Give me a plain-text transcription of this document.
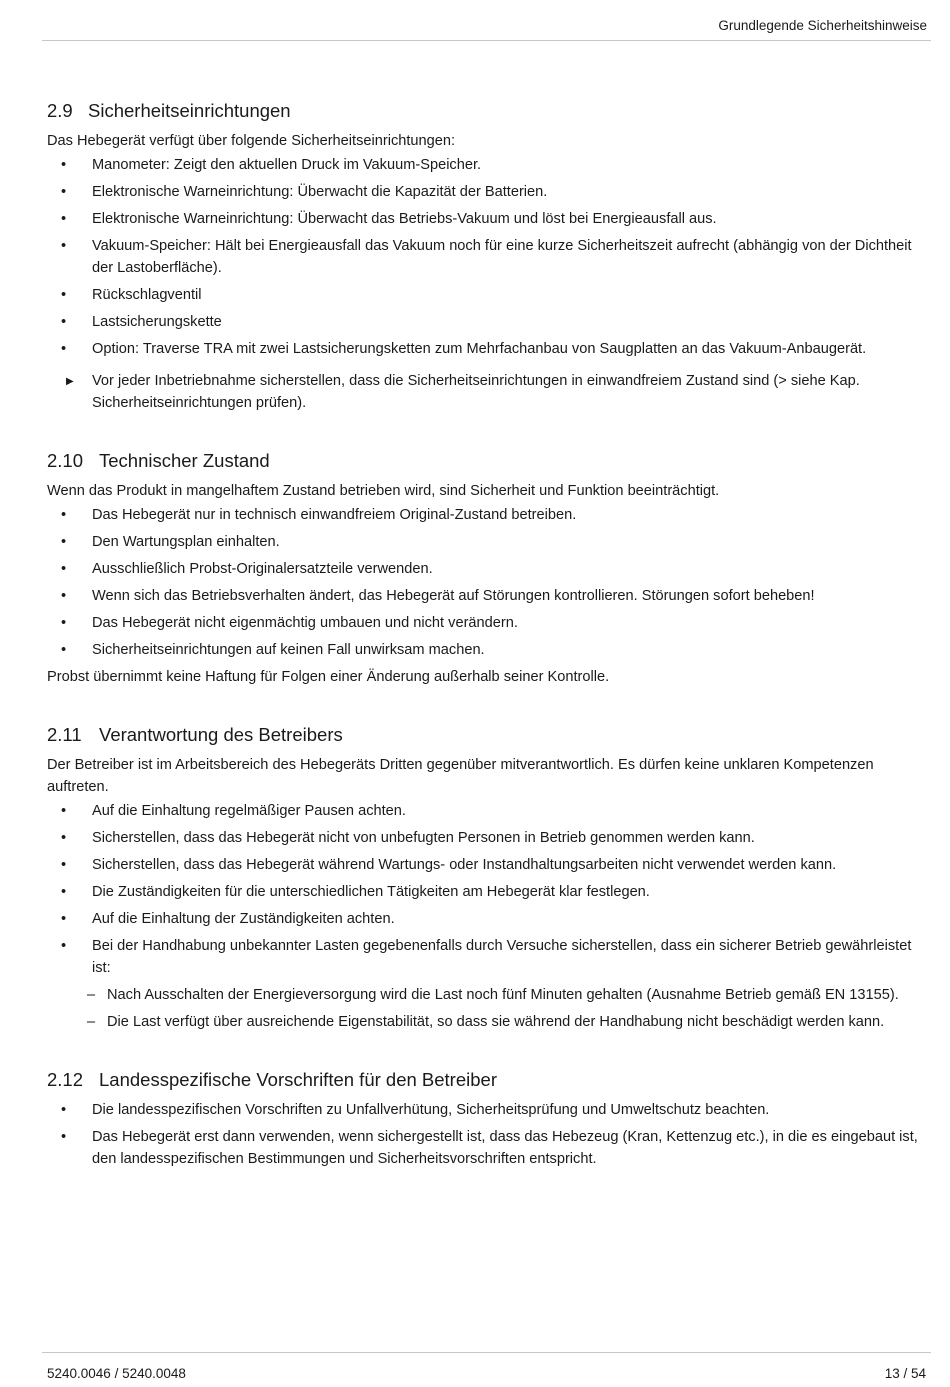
Grundlegende Sicherheitshinweise
2.9 Sicherheitseinrichtungen

Das Hebegerät verfügt über folgende Sicherheitseinrichtungen:

• Manometer: Zeigt den aktuellen Druck im Vakuum-Speicher.
• Elektronische Warneinrichtung: Überwacht die Kapazität der Batterien.
• Elektronische Warneinrichtung: Überwacht das Betriebs-Vakuum und löst bei Energieausfall aus.
• Vakuum-Speicher: Hält bei Energieausfall das Vakuum noch für eine kurze Sicherheitszeit aufrecht (abhängig von der Dichtheit der Lastoberfläche).
• Rückschlagventil
• Lastsicherungskette
• Option: Traverse TRA mit zwei Lastsicherungsketten zum Mehrfachanbau von Saugplatten an das Vakuum-Anbaugerät.
▶ Vor jeder Inbetriebnahme sicherstellen, dass die Sicherheitseinrichtungen in einwandfreiem Zustand sind (> siehe Kap. Sicherheitseinrichtungen prüfen).
2.10 Technischer Zustand

Wenn das Produkt in mangelhaftem Zustand betrieben wird, sind Sicherheit und Funktion beeinträchtigt.

• Das Hebegerät nur in technisch einwandfreiem Original-Zustand betreiben.
• Den Wartungsplan einhalten.
• Ausschließlich Probst-Originalersatzteile verwenden.
• Wenn sich das Betriebsverhalten ändert, das Hebegerät auf Störungen kontrollieren. Störungen sofort beheben!
• Das Hebegerät nicht eigenmächtig umbauen und nicht verändern.
• Sicherheitseinrichtungen auf keinen Fall unwirksam machen.

Probst übernimmt keine Haftung für Folgen einer Änderung außerhalb seiner Kontrolle.

2.11 Verantwortung des Betreibers

Der Betreiber ist im Arbeitsbereich des Hebegeräts Dritten gegenüber mitverantwortlich. Es dürfen keine unklaren Kompetenzen auftreten.

• Auf die Einhaltung regelmäßiger Pausen achten.
• Sicherstellen, dass das Hebegerät nicht von unbefugten Personen in Betrieb genommen werden kann.
• Sicherstellen, dass das Hebegerät während Wartungs- oder Instandhaltungsarbeiten nicht verwendet werden kann.
• Die Zuständigkeiten für die unterschiedlichen Tätigkeiten am Hebegerät klar festlegen.
• Auf die Einhaltung der Zuständigkeiten achten.
• Bei der Handhabung unbekannter Lasten gegebenenfalls durch Versuche sicherstellen, dass ein sicherer Betrieb gewährleistet ist:
– Nach Ausschalten der Energieversorgung wird die Last noch fünf Minuten gehalten (Ausnahme Betrieb gemäß EN 13155).
– Die Last verfügt über ausreichende Eigenstabilität, so dass sie während der Handhabung nicht beschädigt werden kann.
2.12 Landesspezifische Vorschriften für den Betreiber
• Die landesspezifischen Vorschriften zu Unfallverhütung, Sicherheitsprüfung und Umweltschutz beachten.
• Das Hebegerät erst dann verwenden, wenn sichergestellt ist, dass das Hebezeug (Kran, Kettenzug etc.), in die es eingebaut ist, den landesspezifischen Bestimmungen und Sicherheitsvorschriften entspricht.
5240.0046 / 5240.0048	13 / 54
